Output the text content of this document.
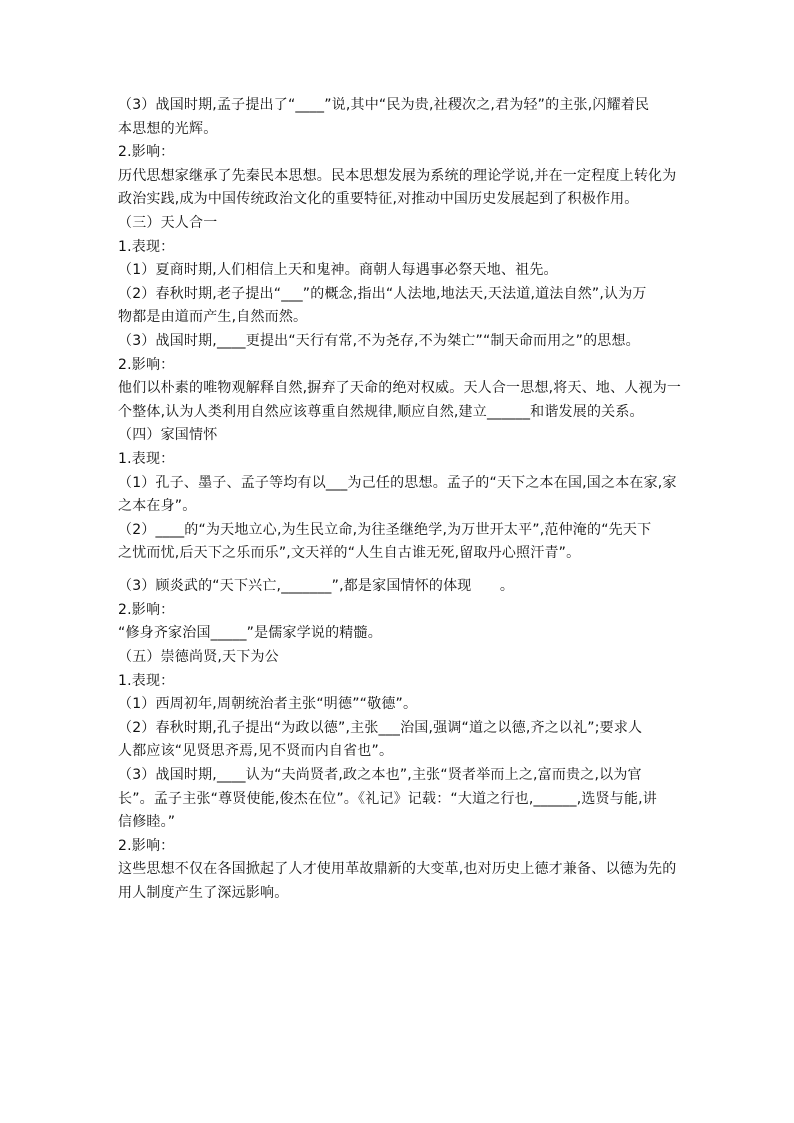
（3）战国时期,孟子提出了“____”说,其中“民为贵,社稷次之,君为轻”的主张,闪耀着民
本思想的光辉。
2.影响：
历代思想家继承了先秦民本思想。民本思想发展为系统的理论学说,并在一定程度上转化为
政治实践,成为中国传统政治文化的重要特征,对推动中国历史发展起到了积极作用。
（三）天人合一
1.表现：
（1）夏商时期,人们相信上天和鬼神。商朝人每遇事必祭天地、祖先。
（2）春秋时期,老子提出“___”的概念,指出“人法地,地法天,天法道,道法自然”,认为万
物都是由道而产生,自然而然。
（3）战国时期,____更提出“天行有常,不为尧存,不为桀亡”“制天命而用之”的思想。
2.影响：
他们以朴素的唯物观解释自然,摒弃了天命的绝对权威。天人合一思想,将天、地、人视为一
个整体,认为人类利用自然应该尊重自然规律,顺应自然,建立______和谐发展的关系。
（四）家国情怀
1.表现：
（1）孔子、墨子、孟子等均有以___为己任的思想。孟子的“天下之本在国,国之本在家,家
之本在身”。
（2）____的“为天地立心,为生民立命,为往圣继绝学,为万世开太平”,范仲淹的“先天下
之忧而忧,后天下之乐而乐”,文天祥的“人生自古谁无死,留取丹心照汗青”。
（3）顾炎武的“天下兴亡,_______”,都是家国情怀的体现　　。
2.影响：
“修身齐家治国_____”是儒家学说的精髓。
（五）崇德尚贤,天下为公
1.表现：
（1）西周初年,周朝统治者主张“明德”“敬德”。
（2）春秋时期,孔子提出“为政以德”,主张___治国,强调“道之以德,齐之以礼”;要求人
人都应该“见贤思齐焉,见不贤而内自省也”。
（3）战国时期,____认为“夫尚贤者,政之本也”,主张“贤者举而上之,富而贵之,以为官
长”。孟子主张“尊贤使能,俊杰在位”。《礼记》记载：“大道之行也,______,选贤与能,讲
信修睦。”
2.影响：
这些思想不仅在各国掀起了人才使用革故鼎新的大变革,也对历史上德才兼备、以德为先的
用人制度产生了深远影响。
